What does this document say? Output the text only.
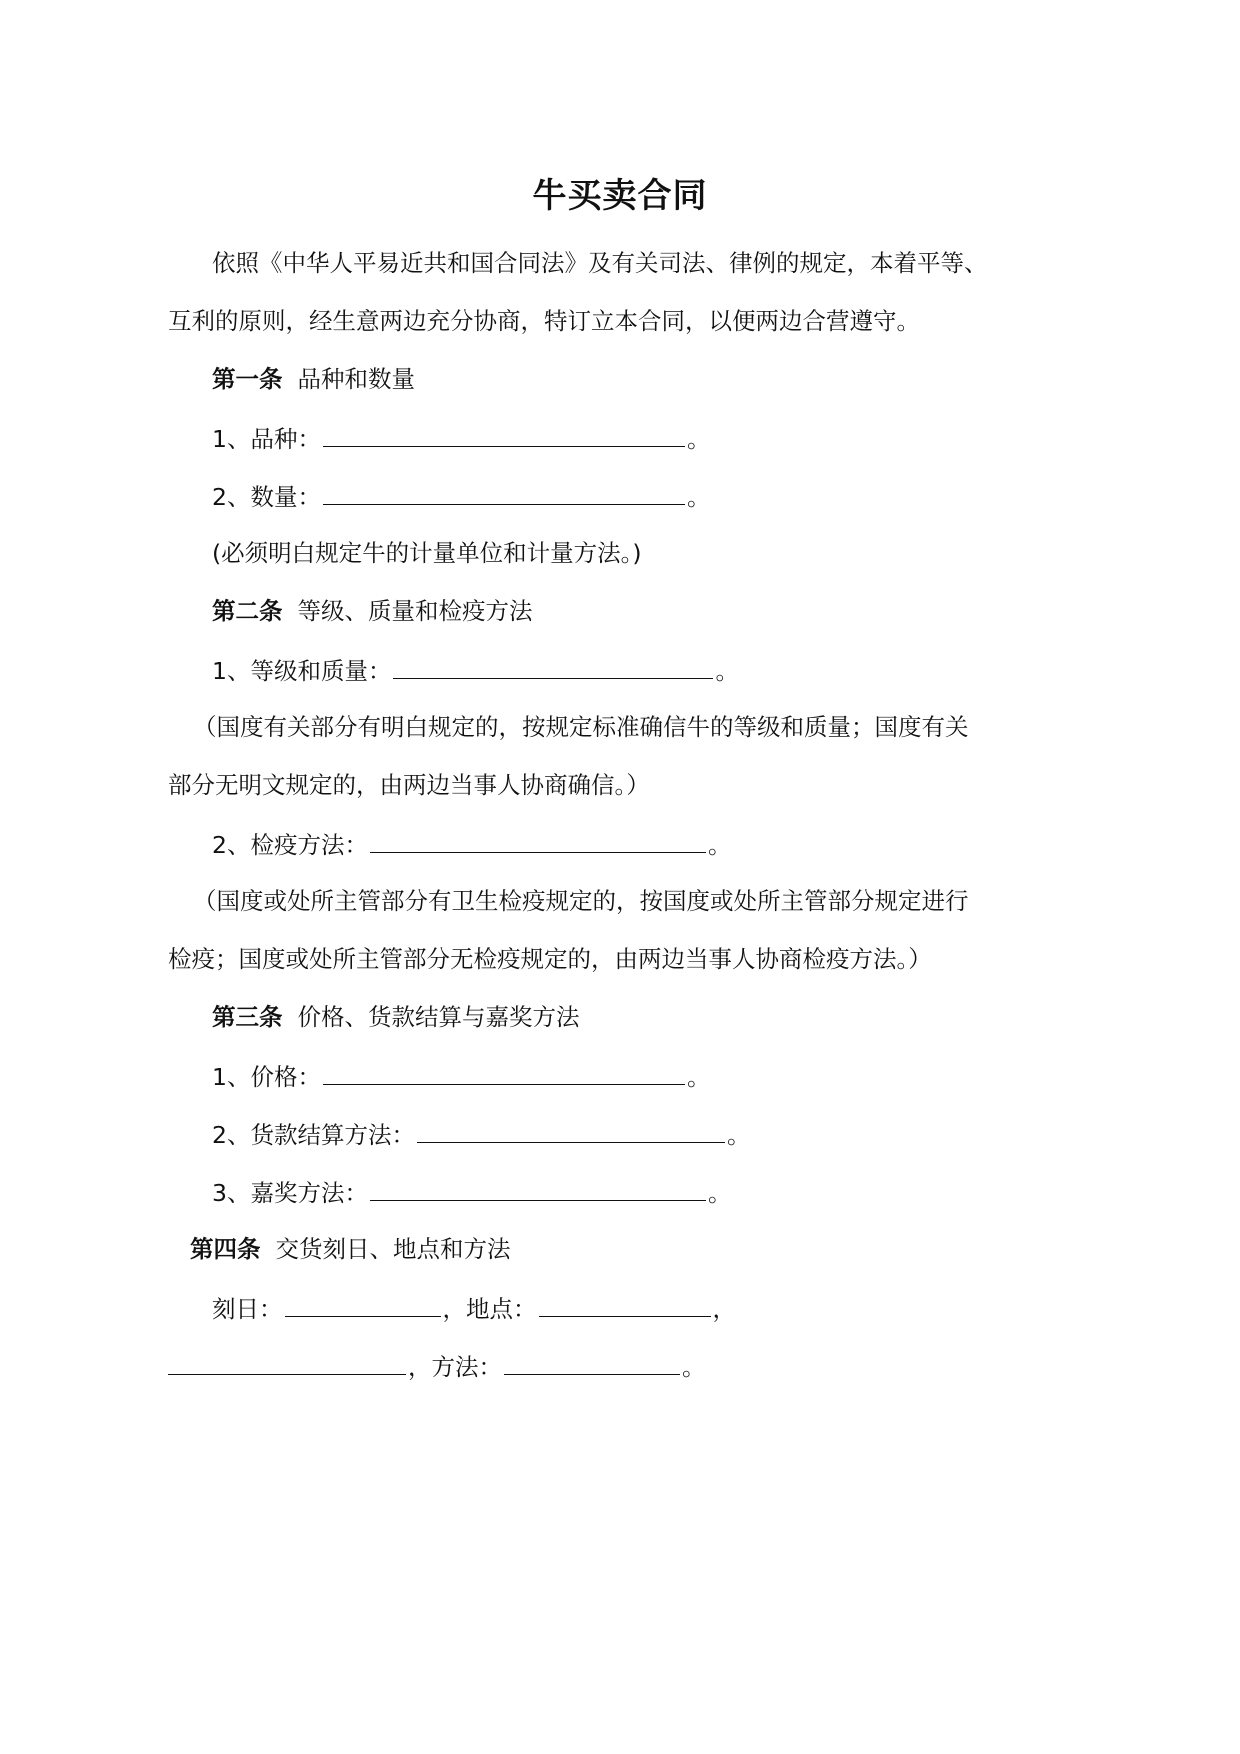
牛买卖合同
依照《中华人平易近共和国合同法》及有关司法、律例的规定，本着平等、
互利的原则，经生意两边充分协商，特订立本合同，以便两边合营遵守。
第一条 品种和数量
1、品种：	。
2、数量：	。
(必须明白规定牛的计量单位和计量方法。)
第二条 等级、质量和检疫方法
1、等级和质量：	。
（国度有关部分有明白规定的，按规定标准确信牛的等级和质量；国度有关
部分无明文规定的，由两边当事人协商确信。）
2、检疫方法：	。
（国度或处所主管部分有卫生检疫规定的，按国度或处所主管部分规定进行
检疫；国度或处所主管部分无检疫规定的，由两边当事人协商检疫方法。）
第三条 价格、货款结算与嘉奖方法
1、价格：	。
2、货款结算方法：	。
3、嘉奖方法：	。
第四条 交货刻日、地点和方法
刻日：	，地点：	，
，方法：	。
